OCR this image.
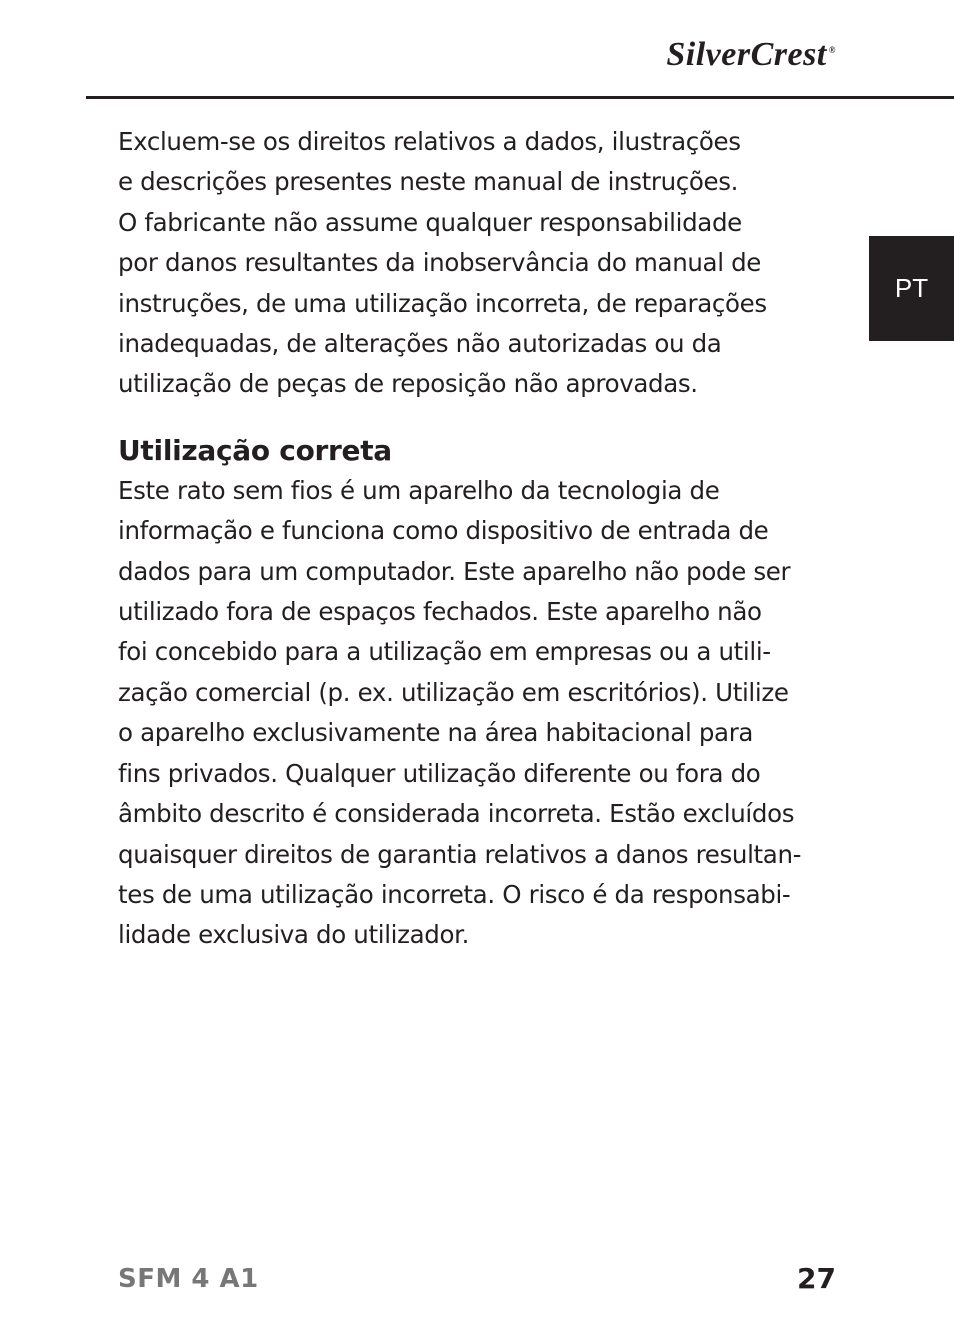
SilverCrest ®
PT

Excluem-se os direitos relativos a dados, ilustrações
e descrições presentes neste manual de instruções.
O fabricante não assume qualquer responsabilidade
por danos resultantes da inobservância do manual de
instruções, de uma utilização incorreta, de reparações
inadequadas, de alterações não autorizadas ou da
utilização de peças de reposição não aprovadas.

Utilização correta

Este rato sem fios é um aparelho da tecnologia de
informação e funciona como dispositivo de entrada de
dados para um computador. Este aparelho não pode ser
utilizado fora de espaços fechados. Este aparelho não
foi concebido para a utilização em empresas ou a utili-
zação comercial (p. ex. utilização em escritórios). Utilize
o aparelho exclusivamente na área habitacional para
fins privados. Qualquer utilização diferente ou fora do
âmbito descrito é considerada incorreta. Estão excluídos
quaisquer direitos de garantia relativos a danos resultan-
tes de uma utilização incorreta. O risco é da responsabi-
lidade exclusiva do utilizador.

SFM 4 A1	27
